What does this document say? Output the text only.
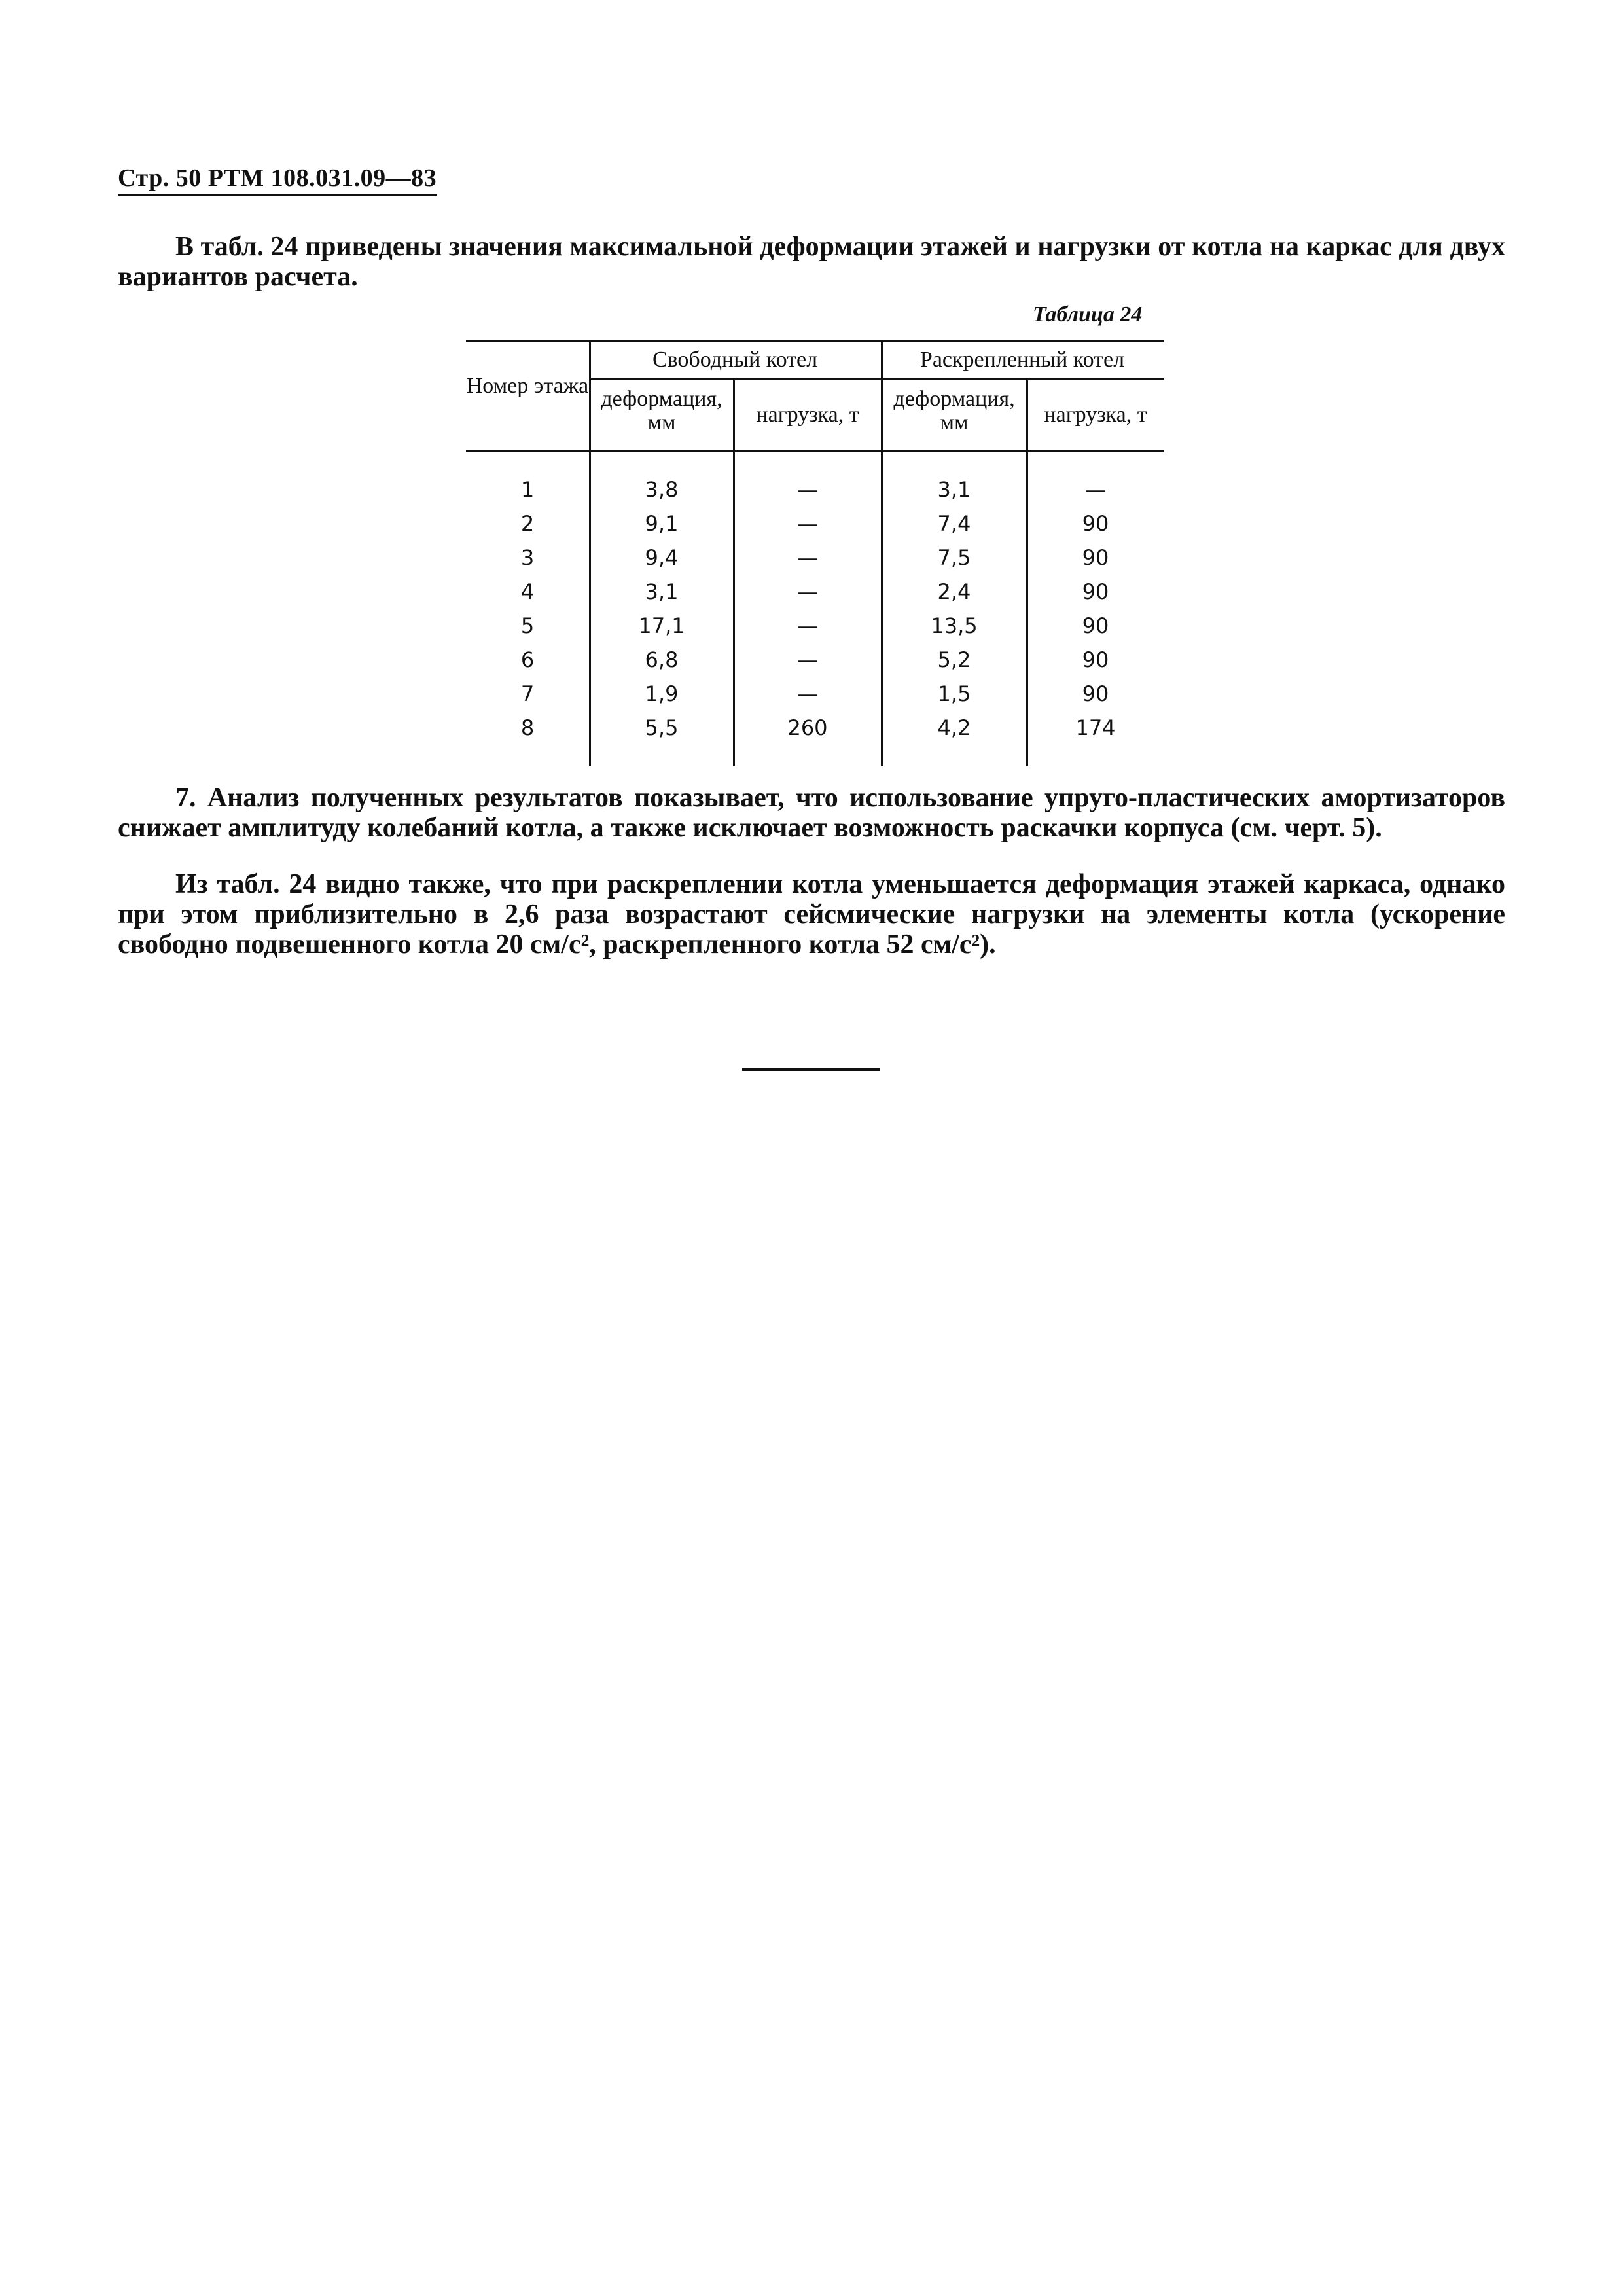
Стр. 50 РТМ 108.031.09—83
В табл. 24 приведены значения максимальной деформации этажей и нагрузки от котла на каркас для двух вариантов расчета.
Таблица 24
Номер этажа
Свободный котел	Раскрепленный котел
деформация, мм	нагрузка, т
деформация, мм	нагрузка, т
1	3,8	—	3,1	—
2	9,1	—	7,4	90
3	9,4	—	7,5	90
4	3,1	—	2,4	90
5	17,1	—	13,5	90
6	6,8	—	5,2	90
7	1,9	—	1,5	90
8	5,5	260	4,2	174
7. Анализ полученных результатов показывает, что использование упруго-пластических амортизаторов снижает амплитуду колебаний котла, а также исключает возможность раскачки корпуса (см. черт. 5).
Из табл. 24 видно также, что при раскреплении котла уменьшается деформация этажей каркаса, однако при этом приблизительно в 2,6 раза возрастают сейсмические нагрузки на элементы котла (ускорение свободно подвешенного котла 20 см/с², раскрепленного котла 52 см/с²).
